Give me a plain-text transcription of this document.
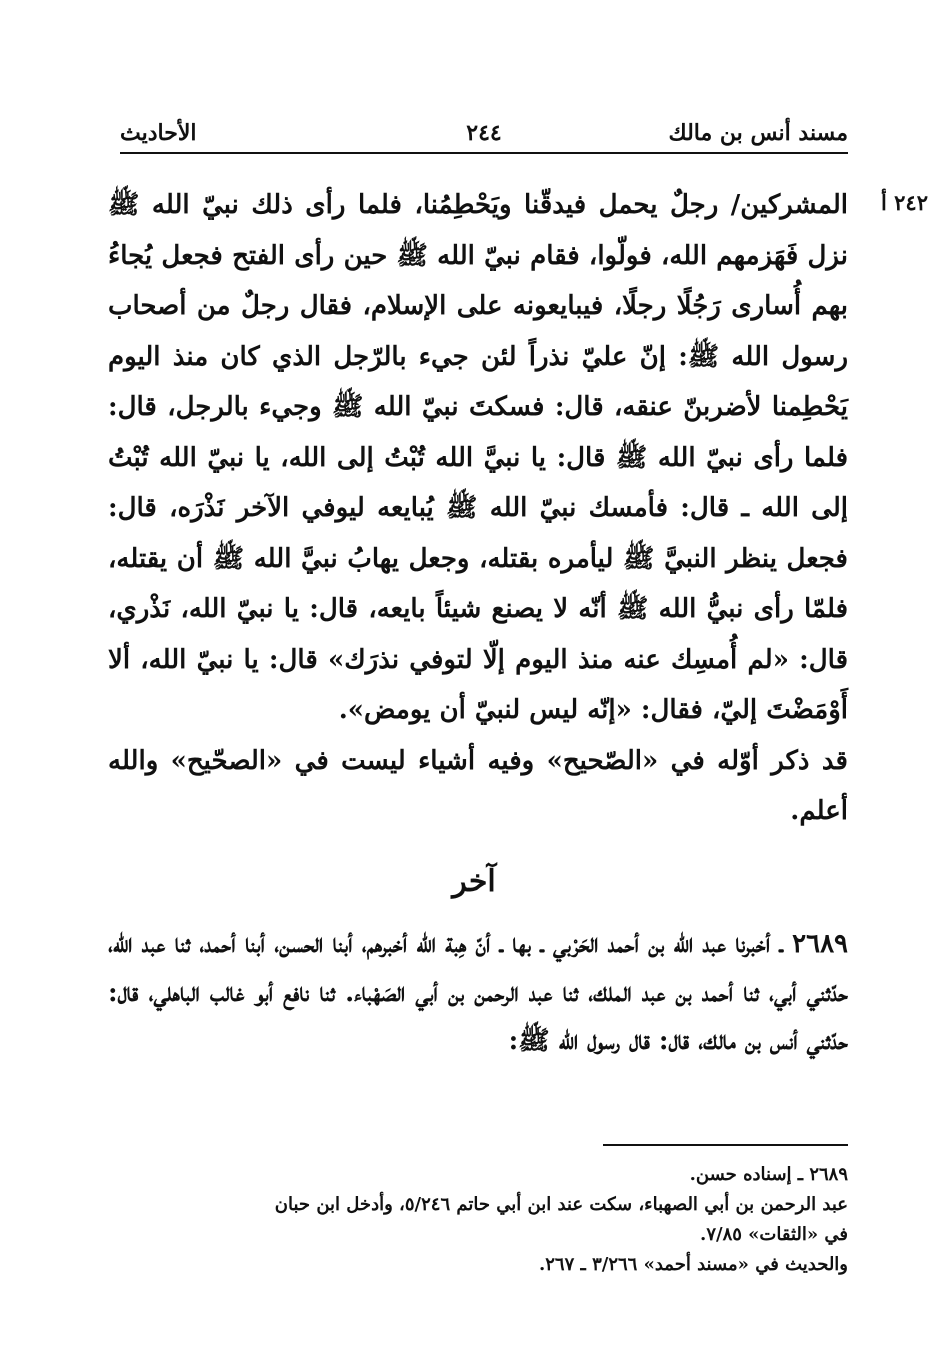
مسند أنس بن مالك
٢٤٤
الأحاديث
٢٤٢ أ

المشركين/ رجلٌ يحمل فيدقّنا ويَحْطِمُنا، فلما رأى ذلك نبيّ الله ﷺ نزل فَهَزمهم الله، فولّوا، فقام نبيّ الله ﷺ حين رأى الفتح فجعل يُجاءُ بهم أُسارى رَجُلًا رجلًا، فيبايعونه على الإسلام، فقال رجلٌ من أصحاب رسول الله ﷺ: إنّ عليّ نذراً لئن جيء بالرّجل الذي كان منذ اليوم يَحْطِمنا لأضربنّ عنقه، قال: فسكتَ نبيّ الله ﷺ وجيء بالرجل، قال: فلما رأى نبيّ الله ﷺ قال: يا نبيَّ الله تُبْتُ إلى الله، يا نبيّ الله تُبْتُ إلى الله ـ قال: فأمسك نبيّ الله ﷺ يُبايعه ليوفي الآخر نَذْرَه، قال: فجعل ينظر النبيَّ ﷺ ليأمره بقتله، وجعل يهابُ نبيَّ الله ﷺ أن يقتله، فلمّا رأى نبيُّ الله ﷺ أنّه لا يصنع شيئاً بايعه، قال: يا نبيّ الله، نَذْري، قال: «لم أُمسِك عنه منذ اليوم إلّا لتوفي نذرَك» قال: يا نبيّ الله، ألا أَوْمَضْتَ إليّ، فقال: «إنّه ليس لنبيّ أن يومض».

قد ذكر أوّله في «الصّحيح» وفيه أشياء ليست في «الصحّيح» والله أعلم.

آخر

٢٦٨٩ ـ أخبرنا عبد الله بن أحمد الحَرْبي ـ بها ـ أنّ هِبة الله أخبرهم، أبنا الحسن، أبنا أحمد، ثنا عبد الله، حدّثني أبي، ثنا أحمد بن عبد الملك، ثنا عبد الرحمن بن أبي الصَهْباء. ثنا نافع أبو غالب الباهلي، قال: حدّثني أنس بن مالك، قال: قال رسول الله ﷺ:

٢٦٨٩ ـ إسناده حسن.
عبد الرحمن بن أبي الصهباء، سكت عند ابن أبي حاتم ٥/٢٤٦، وأدخل ابن حبان
في «الثقات» ٧/٨٥.
والحديث في «مسند أحمد» ٣/٢٦٦ ـ ٢٦٧.
